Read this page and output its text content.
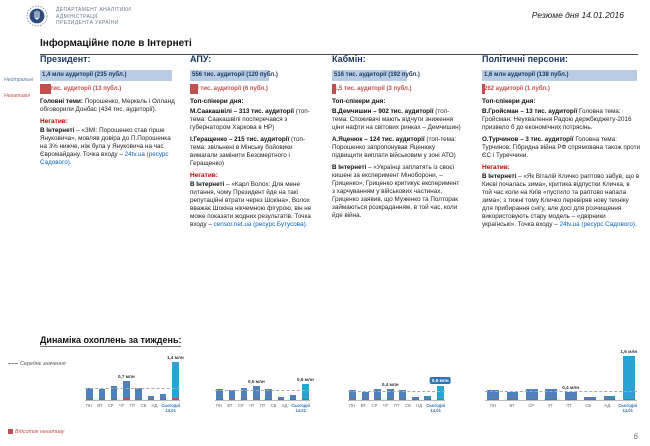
ДЕПАРТАМЕНТ АНАЛІТИКИ
АДМІНІСТРАЦІЇ
ПРЕЗИДЕНТА УКРАЇНИ
Резюме дня 14.01.2016
Інформаційне поле в Інтернеті
Нейтральні
Негативні
Президент:
1,4 млн аудиторії (235 публ.)
67 тис. аудиторії (13 публ.)

Головні теми: Порошенко, Меркель і Олланд обговорили Донбас (434 тис. аудиторії).

Негатив:

В Інтернеті – «ЗМІ: Порошенко став гірше Януковича», мовляв довіра до П.Порошенка на 3% нижче, ніж була у Януковича на час Євромайдану. Точка входу – 24tv.ua (ресурс Садового).

АПУ:
556 тис. аудиторії (120 публ.)
39 тис. аудиторії (6 публ.)
Топ-спікери дня:

М.Саакашвілі – 313 тис. аудиторії (топ-тема: Саакашвілі посперечався з губернатором Харкова в НР)

І.Геращенко – 215 тис. аудиторії (топ-тема: звільнені в Мінську бойовики вимагали замінити Безсмертного і Геращенко)

Негатив:

В Інтернеті – «Карл Волох: Для мене питання, чому Президент йде на такі репутаційні втрати через Шокіна», Волох вважає Шокіна нікчемною фігурою, він не може показати жодних результатів. Точка входу – censor.net.ua (ресурс Бутусова).

Кабмін:
516 тис. аудиторії (192 публ.)
1,5 тис. аудиторії (3 публ.)
Топ-спікери дня:

В.Демчишин – 902 тис. аудиторії (топ-тема: Споживачі мають відчути зниження ціни нафти на світових ринках – Демчишин)

А.Яценюк – 124 тис. аудиторії (топ-тема: Порошенко запропонував Яценюку підвищити виплати військовим у зоні АТО)

В Інтернеті – «Українці заплатять із своєї кишені за експеримент Міноборони, – Гриценко», Гриценко критикує експеримент з харчуванням у військових частинах, Гриценко заявив, що Муженко та Полторак займаються розкраданням, в той час, коли йде війна.

Політичні персони:
1,6 млн аудиторії (138 публ.)
262 аудиторії (1 публ.)
Топ-спікери дня:

В.Гройсман – 13 тис. аудиторії Головна тема: Гройсман: Неухвалення Радою держбюджету-2016 призвело б до економічних потрясінь.

О.Турчинов – 3 тис. аудиторії Головна тема: Турчинов: Гібридна війна РФ спрямована також проти ЄС і Туреччини.

Негатив:

В Інтернеті – «Як Віталій Кличко раптово забув, що в Києві почалась зима», критика відпустки Кличка, в той час коли на Київ «пустило та раптово напала зима»; з тижні тому Кличко перевіряв нову техніку для прибирання снігу, але досі для розчищення використовують стару модель – «двірники українські». Точка входу – 24tv.ua (ресурс Садового).

Динаміка охоплень за тиждень:
Середнє значення
Відсоток негативу
0,7 млн
1,4 млн
ПН	ВТ	СР	ЧТ	ПТ СБ НД Сьогодні
14.01
0,5 млн	0,6 млн
ПН	ВТ	СР	ЧТ	ПТ СБ НД Сьогодні
14.01
0,4 млн
0,5 млн
ПН	ВТ	СР	ЧТ	ПТ	СБ НД Сьогодні
14.01
0,4 млн
1,6 млн
ПН	ВТ	СР	ЧТ	ПТ	СБ	НД	Сьогодні
14.01
6
